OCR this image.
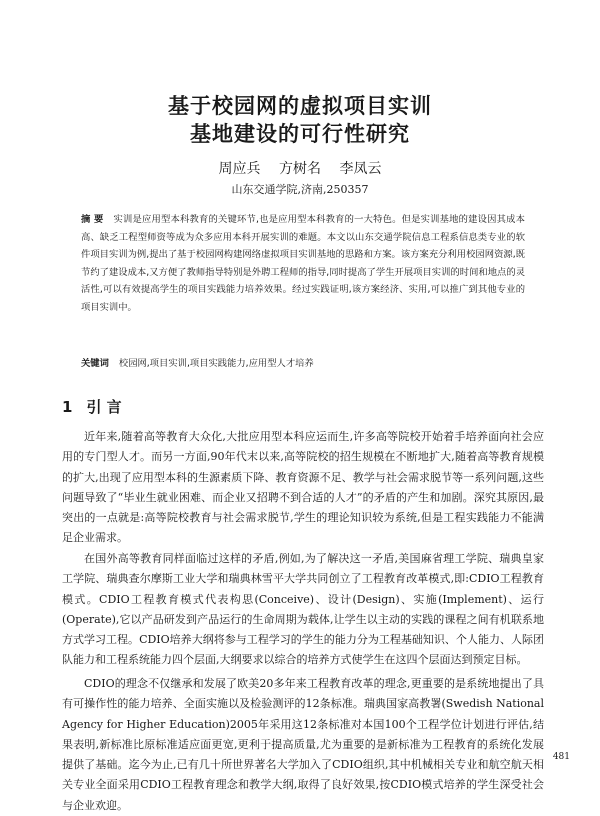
基于校园网的虚拟项目实训
基地建设的可行性研究

周应兵 方树名 李凤云

山东交通学院,济南,250357

摘 要 实训是应用型本科教育的关键环节,也是应用型本科教育的一大特色。但是实训基地的建设因其成本高、缺乏工程型师资等成为众多应用本科开展实训的难题。本文以山东交通学院信息工程系信息类专业的软件项目实训为例,提出了基于校园网构建网络虚拟项目实训基地的思路和方案。该方案充分利用校园网资源,既节约了建设成本,又方便了教师指导特别是外聘工程师的指导,同时提高了学生开展项目实训的时间和地点的灵活性,可以有效提高学生的项目实践能力培养效果。经过实践证明,该方案经济、实用,可以推广到其他专业的项目实训中。

关键词 校园网,项目实训,项目实践能力,应用型人才培养

1 引 言

近年来,随着高等教育大众化,大批应用型本科应运而生,许多高等院校开始着手培养面向社会应用的专门型人才。而另一方面,90年代末以来,高等院校的招生规模在不断地扩大,随着高等教育规模的扩大,出现了应用型本科的生源素质下降、教育资源不足、教学与社会需求脱节等一系列问题,这些问题导致了“毕业生就业困难、而企业又招聘不到合适的人才”的矛盾的产生和加剧。深究其原因,最突出的一点就是:高等院校教育与社会需求脱节,学生的理论知识较为系统,但是工程实践能力不能满足企业需求。

在国外高等教育同样面临过这样的矛盾,例如,为了解决这一矛盾,美国麻省理工学院、瑞典皇家工学院、瑞典查尔摩斯工业大学和瑞典林雪平大学共同创立了工程教育改革模式,即:CDIO工程教育模式。CDIO工程教育模式代表构思(Conceive)、设计(Design)、实施(Implement)、运行(Operate),它以产品研发到产品运行的生命周期为载体,让学生以主动的实践的课程之间有机联系地方式学习工程。CDIO培养大纲将参与工程学习的学生的能力分为工程基础知识、个人能力、人际团队能力和工程系统能力四个层面,大纲要求以综合的培养方式使学生在这四个层面达到预定目标。

CDIO的理念不仅继承和发展了欧美20多年来工程教育改革的理念,更重要的是系统地提出了具有可操作性的能力培养、全面实施以及检验测评的12条标准。瑞典国家高教署(Swedish National Agency for Higher Education)2005年采用这12条标准对本国100个工程学位计划进行评估,结果表明,新标准比原标准适应面更宽,更利于提高质量,尤为重要的是新标准为工程教育的系统化发展提供了基础。迄今为止,已有几十所世界著名大学加入了CDIO组织,其中机械相关专业和航空航天相关专业全面采用CDIO工程教育理念和教学大纲,取得了良好效果,按CDIO模式培养的学生深受社会与企业欢迎。

481
